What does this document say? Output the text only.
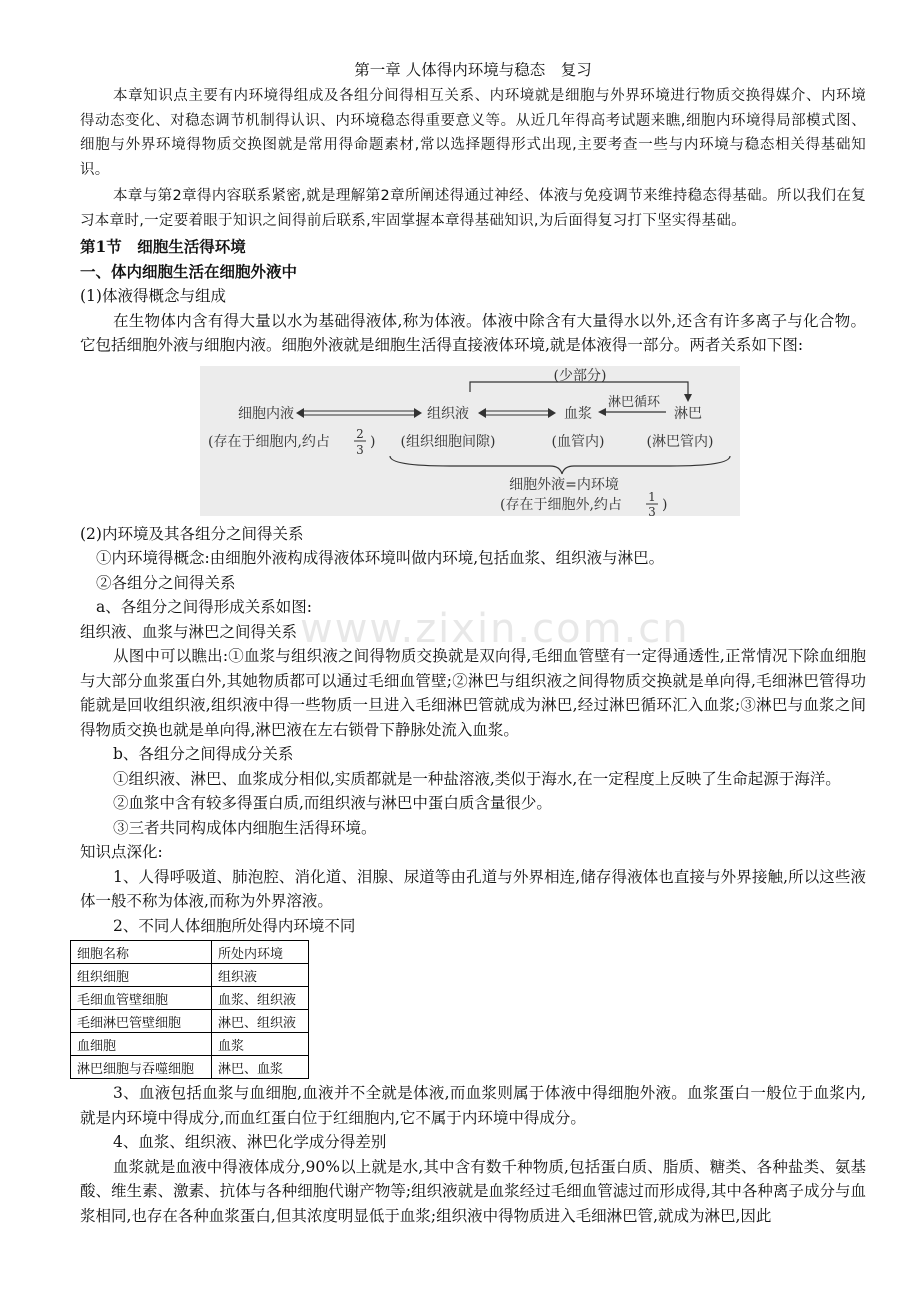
www.zixin.com.cn
第一章 人体得内环境与稳态　复习

本章知识点主要有内环境得组成及各组分间得相互关系、内环境就是细胞与外界环境进行物质交换得媒介、内环境得动态变化、对稳态调节机制得认识、内环境稳态得重要意义等。从近几年得高考试题来瞧,细胞内环境得局部模式图、细胞与外界环境得物质交换图就是常用得命题素材,常以选择题得形式出现,主要考查一些与内环境与稳态相关得基础知识。

本章与第2章得内容联系紧密,就是理解第2章所阐述得通过神经、体液与免疫调节来维持稳态得基础。所以我们在复习本章时,一定要着眼于知识之间得前后联系,牢固掌握本章得基础知识,为后面得复习打下坚实得基础。

第1节　细胞生活得环境

一、体内细胞生活在细胞外液中

(1)体液得概念与组成

在生物体内含有得大量以水为基础得液体,称为体液。体液中除含有大量得水以外,还含有许多离子与化合物。它包括细胞外液与细胞内液。细胞外液就是细胞生活得直接液体环境,就是体液得一部分。两者关系如下图:

(少部分)
淋巴循环
细胞内液	组织液	血浆	淋巴
(存在于细胞内,约占 2
3 ) (组织细胞间隙)	(血管内)	(淋巴管内)
细胞外液=内环境
(存在于细胞外,约占 1
3 )

(2)内环境及其各组分之间得关系

①内环境得概念:由细胞外液构成得液体环境叫做内环境,包括血浆、组织液与淋巴。

②各组分之间得关系

a、各组分之间得形成关系如图:

组织液、血浆与淋巴之间得关系

从图中可以瞧出:①血浆与组织液之间得物质交换就是双向得,毛细血管壁有一定得通透性,正常情况下除血细胞与大部分血浆蛋白外,其她物质都可以通过毛细血管壁;②淋巴与组织液之间得物质交换就是单向得,毛细淋巴管得功能就是回收组织液,组织液中得一些物质一旦进入毛细淋巴管就成为淋巴,经过淋巴循环汇入血浆;③淋巴与血浆之间得物质交换也就是单向得,淋巴液在左右锁骨下静脉处流入血浆。

b、各组分之间得成分关系

①组织液、淋巴、血浆成分相似,实质都就是一种盐溶液,类似于海水,在一定程度上反映了生命起源于海洋。

②血浆中含有较多得蛋白质,而组织液与淋巴中蛋白质含量很少。

③三者共同构成体内细胞生活得环境。

知识点深化:

1、人得呼吸道、肺泡腔、消化道、泪腺、尿道等由孔道与外界相连,储存得液体也直接与外界接触,所以这些液体一般不称为体液,而称为外界溶液。

2、不同人体细胞所处得内环境不同

细胞名称	所处内环境
组织细胞	组织液
毛细血管壁细胞	血浆、组织液
毛细淋巴管壁细胞	淋巴、组织液
血细胞	血浆
淋巴细胞与吞噬细胞	淋巴、血浆

3、血液包括血浆与血细胞,血液并不全就是体液,而血浆则属于体液中得细胞外液。血浆蛋白一般位于血浆内,就是内环境中得成分,而血红蛋白位于红细胞内,它不属于内环境中得成分。

4、血浆、组织液、淋巴化学成分得差别

血浆就是血液中得液体成分,90%以上就是水,其中含有数千种物质,包括蛋白质、脂质、糖类、各种盐类、氨基酸、维生素、激素、抗体与各种细胞代谢产物等;组织液就是血浆经过毛细血管滤过而形成得,其中各种离子成分与血浆相同,也存在各种血浆蛋白,但其浓度明显低于血浆;组织液中得物质进入毛细淋巴管,就成为淋巴,因此
